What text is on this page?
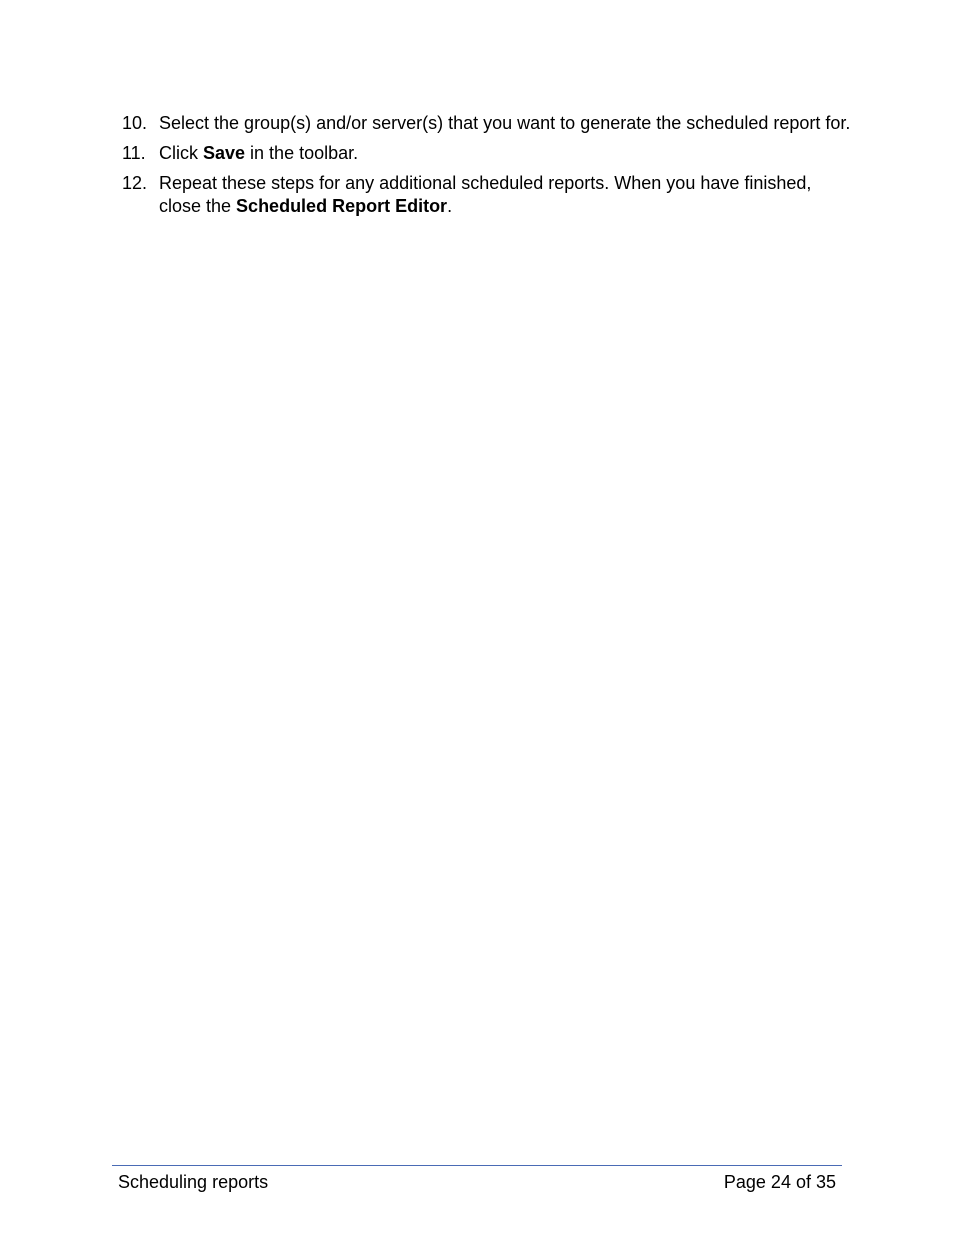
10. Select the group(s) and/or server(s) that you want to generate the scheduled report for.
11. Click Save in the toolbar.
12. Repeat these steps for any additional scheduled reports. When you have finished, close the Scheduled Report Editor.
Scheduling reports	Page 24 of 35
